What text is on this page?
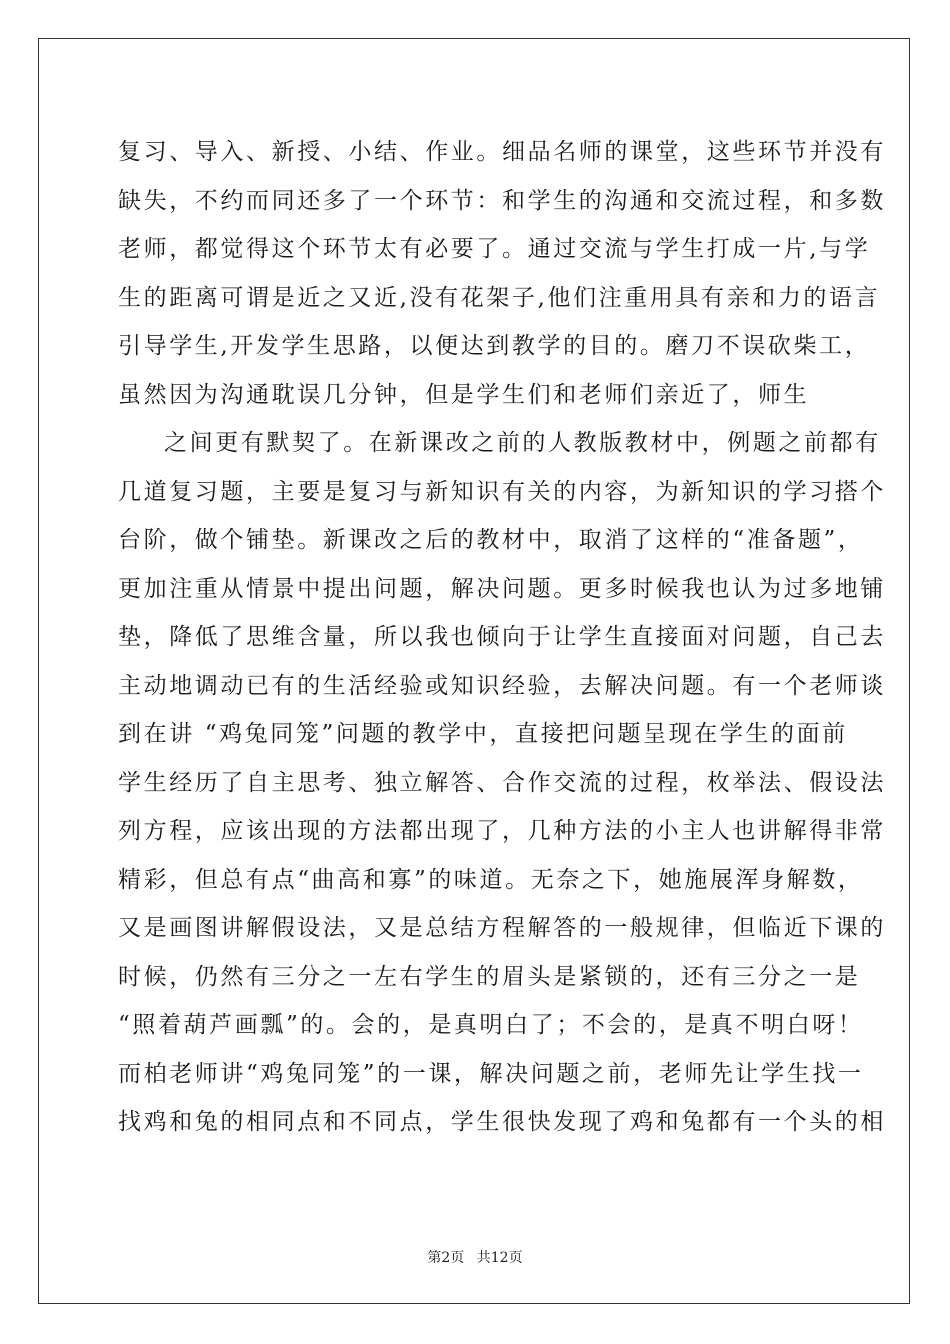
复习、导入、新授、小结、作业。细品名师的课堂，这些环节并没有
缺失，不约而同还多了一个环节：和学生的沟通和交流过程，和多数
老师，都觉得这个环节太有必要了。通过交流与学生打成一片,与学
生的距离可谓是近之又近,没有花架子,他们注重用具有亲和力的语言
引导学生,开发学生思路，以便达到教学的目的。磨刀不误砍柴工，
虽然因为沟通耽误几分钟，但是学生们和老师们亲近了，师生
之间更有默契了。在新课改之前的人教版教材中，例题之前都有
几道复习题，主要是复习与新知识有关的内容，为新知识的学习搭个
台阶，做个铺垫。新课改之后的教材中，取消了这样的“准备题”，
更加注重从情景中提出问题，解决问题。更多时候我也认为过多地铺
垫，降低了思维含量，所以我也倾向于让学生直接面对问题，自己去
主动地调动已有的生活经验或知识经验，去解决问题。有一个老师谈
到在讲 “鸡兔同笼”问题的教学中，直接把问题呈现在学生的面前
学生经历了自主思考、独立解答、合作交流的过程，枚举法、假设法
列方程，应该出现的方法都出现了，几种方法的小主人也讲解得非常
精彩，但总有点“曲高和寡”的味道。无奈之下，她施展浑身解数，
又是画图讲解假设法，又是总结方程解答的一般规律，但临近下课的
时候，仍然有三分之一左右学生的眉头是紧锁的，还有三分之一是
“照着葫芦画瓢”的。会的，是真明白了；不会的，是真不明白呀！
而柏老师讲“鸡兔同笼”的一课，解决问题之前，老师先让学生找一
找鸡和兔的相同点和不同点，学生很快发现了鸡和兔都有一个头的相
第2页 共12页
